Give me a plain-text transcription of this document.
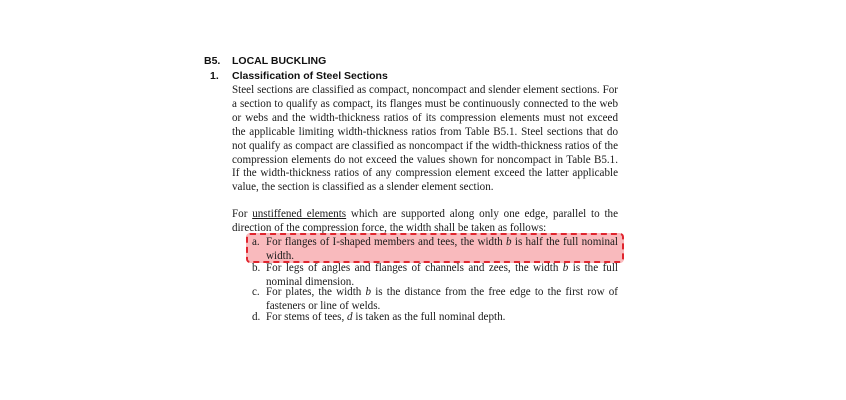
B5. LOCAL BUCKLING
1. Classification of Steel Sections

Steel sections are classified as compact, noncompact and slender element sections. For a section to qualify as compact, its flanges must be continuously connected to the web or webs and the width-thickness ratios of its compression elements must not exceed the applicable limiting width-thickness ratios from Table B5.1. Steel sections that do not qualify as compact are classified as noncompact if the width-thickness ratios of the compression elements do not exceed the values shown for noncompact in Table B5.1. If the width-thickness ratios of any compression element exceed the latter applicable value, the section is classified as a slender element section.

For unstiffened elements which are supported along only one edge, parallel to the direction of the compression force, the width shall be taken as follows:

a. For flanges of I-shaped members and tees, the width b is half the full nominal width.
b. For legs of angles and flanges of channels and zees, the width b is the full nominal dimension.
c. For plates, the width b is the distance from the free edge to the first row of fasteners or line of welds.
d. For stems of tees, d is taken as the full nominal depth.
